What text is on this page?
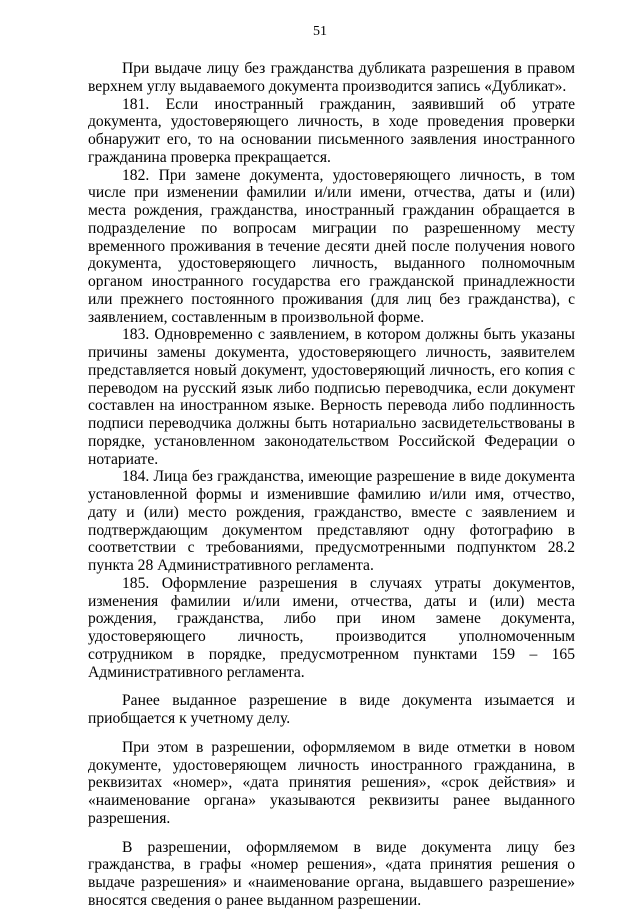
51

При выдаче лицу без гражданства дубликата разрешения в правом верхнем углу выдаваемого документа производится запись «Дубликат».

181. Если иностранный гражданин, заявивший об утрате документа, удостоверяющего личность, в ходе проведения проверки обнаружит его, то на основании письменного заявления иностранного гражданина проверка прекращается.

182. При замене документа, удостоверяющего личность, в том числе при изменении фамилии и/или имени, отчества, даты и (или) места рождения, гражданства, иностранный гражданин обращается в подразделение по вопросам миграции по разрешенному месту временного проживания в течение десяти дней после получения нового документа, удостоверяющего личность, выданного полномочным органом иностранного государства его гражданской принадлежности или прежнего постоянного проживания (для лиц без гражданства), с заявлением, составленным в произвольной форме.

183. Одновременно с заявлением, в котором должны быть указаны причины замены документа, удостоверяющего личность, заявителем представляется новый документ, удостоверяющий личность, его копия с переводом на русский язык либо подписью переводчика, если документ составлен на иностранном языке. Верность перевода либо подлинность подписи переводчика должны быть нотариально засвидетельствованы в порядке, установленном законодательством Российской Федерации о нотариате.

184. Лица без гражданства, имеющие разрешение в виде документа установленной формы и изменившие фамилию и/или имя, отчество, дату и (или) место рождения, гражданство, вместе с заявлением и подтверждающим документом представляют одну фотографию в соответствии с требованиями, предусмотренными подпунктом 28.2 пункта 28 Административного регламента.

185. Оформление разрешения в случаях утраты документов, изменения фамилии и/или имени, отчества, даты и (или) места рождения, гражданства, либо при ином замене документа, удостоверяющего личность, производится уполномоченным сотрудником в порядке, предусмотренном пунктами 159 – 165 Административного регламента.

Ранее выданное разрешение в виде документа изымается и приобщается к учетному делу.

При этом в разрешении, оформляемом в виде отметки в новом документе, удостоверяющем личность иностранного гражданина, в реквизитах «номер», «дата принятия решения», «срок действия» и «наименование органа» указываются реквизиты ранее выданного разрешения.

В разрешении, оформляемом в виде документа лицу без гражданства, в графы «номер решения», «дата принятия решения о выдаче разрешения» и «наименование органа, выдавшего разрешение» вносятся сведения о ранее выданном разрешении.
